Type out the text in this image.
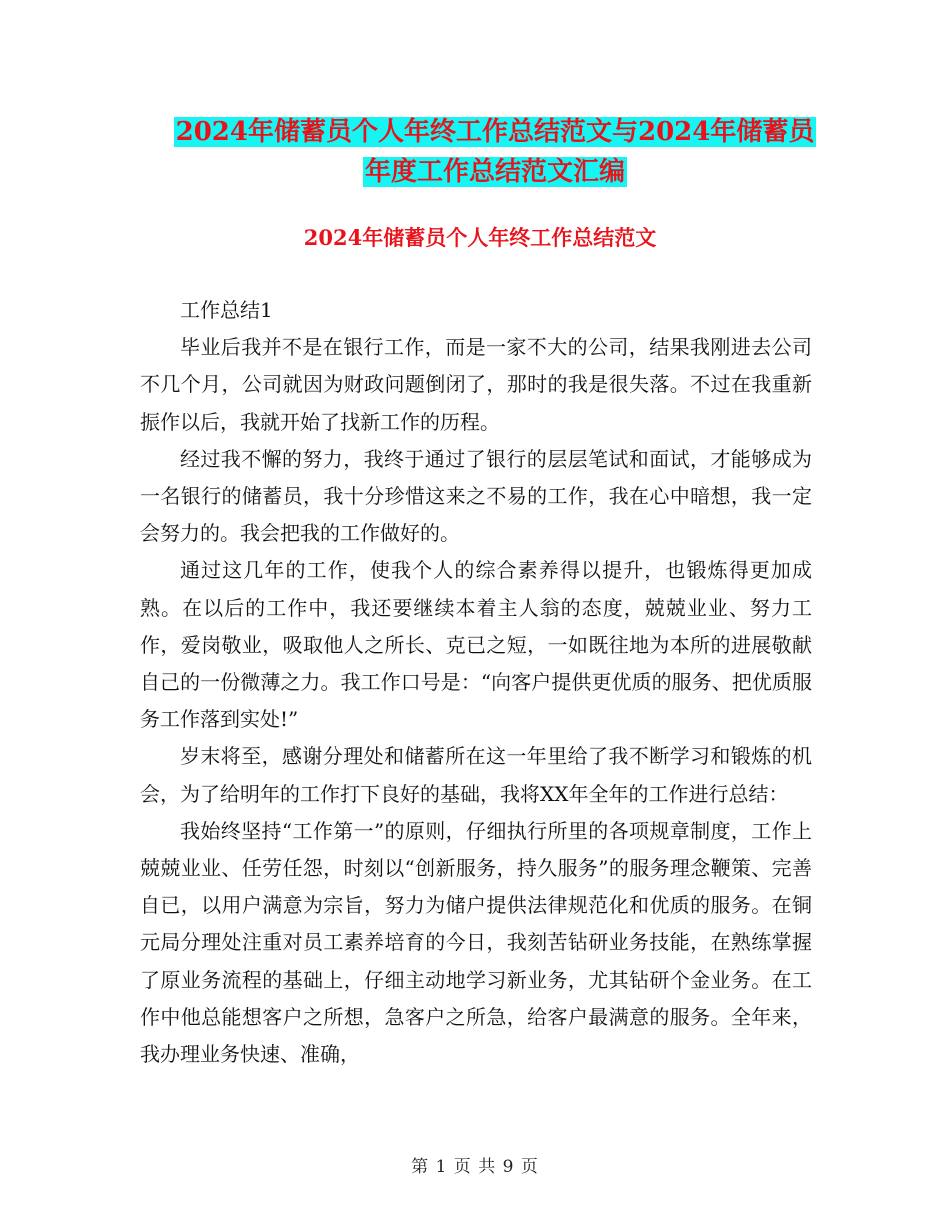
2024年储蓄员个人年终工作总结范文与2024年储蓄员
年度工作总结范文汇编
2024年储蓄员个人年终工作总结范文

工作总结1

毕业后我并不是在银行工作，而是一家不大的公司，结果我刚进去公司不几个月，公司就因为财政问题倒闭了，那时的我是很失落。不过在我重新振作以后，我就开始了找新工作的历程。

经过我不懈的努力，我终于通过了银行的层层笔试和面试，才能够成为一名银行的储蓄员，我十分珍惜这来之不易的工作，我在心中暗想，我一定会努力的。我会把我的工作做好的。

通过这几年的工作，使我个人的综合素养得以提升，也锻炼得更加成熟。在以后的工作中，我还要继续本着主人翁的态度，兢兢业业、努力工作，爱岗敬业，吸取他人之所长、克已之短，一如既往地为本所的进展敬献自己的一份微薄之力。我工作口号是：“向客户提供更优质的服务、把优质服务工作落到实处!”

岁末将至，感谢分理处和储蓄所在这一年里给了我不断学习和锻炼的机会，为了给明年的工作打下良好的基础，我将XX年全年的工作进行总结：

我始终坚持“工作第一”的原则，仔细执行所里的各项规章制度，工作上兢兢业业、任劳任怨，时刻以“创新服务，持久服务”的服务理念鞭策、完善自已，以用户满意为宗旨，努力为储户提供法律规范化和优质的服务。在铜元局分理处注重对员工素养培育的今日，我刻苦钻研业务技能，在熟练掌握了原业务流程的基础上，仔细主动地学习新业务，尤其钻研个金业务。在工作中他总能想客户之所想，急客户之所急，给客户最满意的服务。全年来，我办理业务快速、准确，

第 1 页 共 9 页
